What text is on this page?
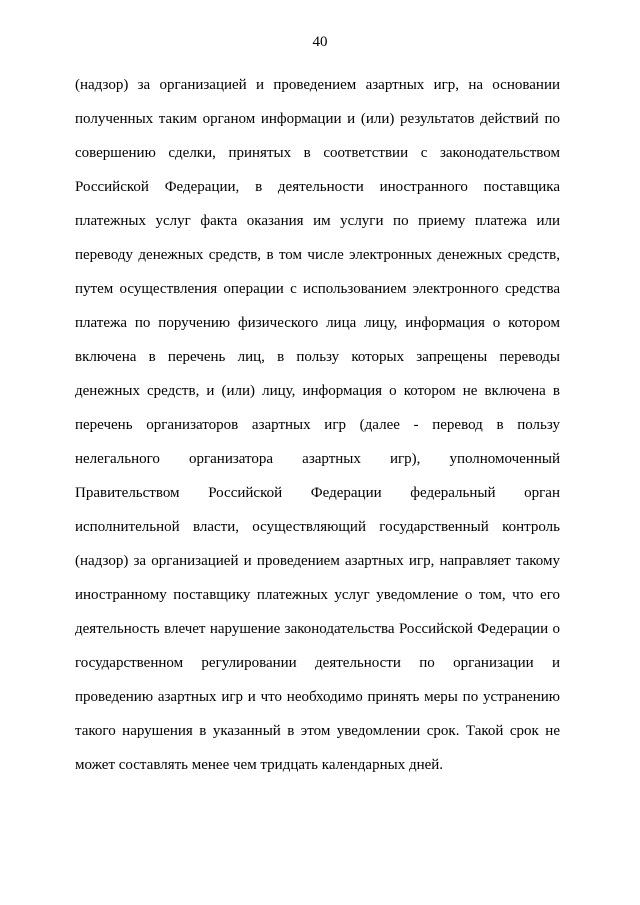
40
(надзор) за организацией и проведением азартных игр, на основании
полученных таким органом информации и (или) результатов действий по
совершению сделки, принятых в соответствии с законодательством
Российской Федерации, в деятельности иностранного поставщика
платежных услуг факта оказания им услуги по приему платежа или
переводу денежных средств, в том числе электронных денежных средств,
путем осуществления операции с использованием электронного средства
платежа по поручению физического лица лицу, информация о котором
включена в перечень лиц, в пользу которых запрещены переводы
денежных средств, и (или) лицу, информация о котором не включена в
перечень организаторов азартных игр (далее - перевод в пользу
нелегального организатора азартных игр), уполномоченный
Правительством Российской Федерации федеральный орган
исполнительной власти, осуществляющий государственный контроль
(надзор) за организацией и проведением азартных игр, направляет такому
иностранному поставщику платежных услуг уведомление о том, что его
деятельность влечет нарушение законодательства Российской Федерации о
государственном регулировании деятельности по организации и
проведению азартных игр и что необходимо принять меры по устранению
такого нарушения в указанный в этом уведомлении срок. Такой срок не
может составлять менее чем тридцать календарных дней.
